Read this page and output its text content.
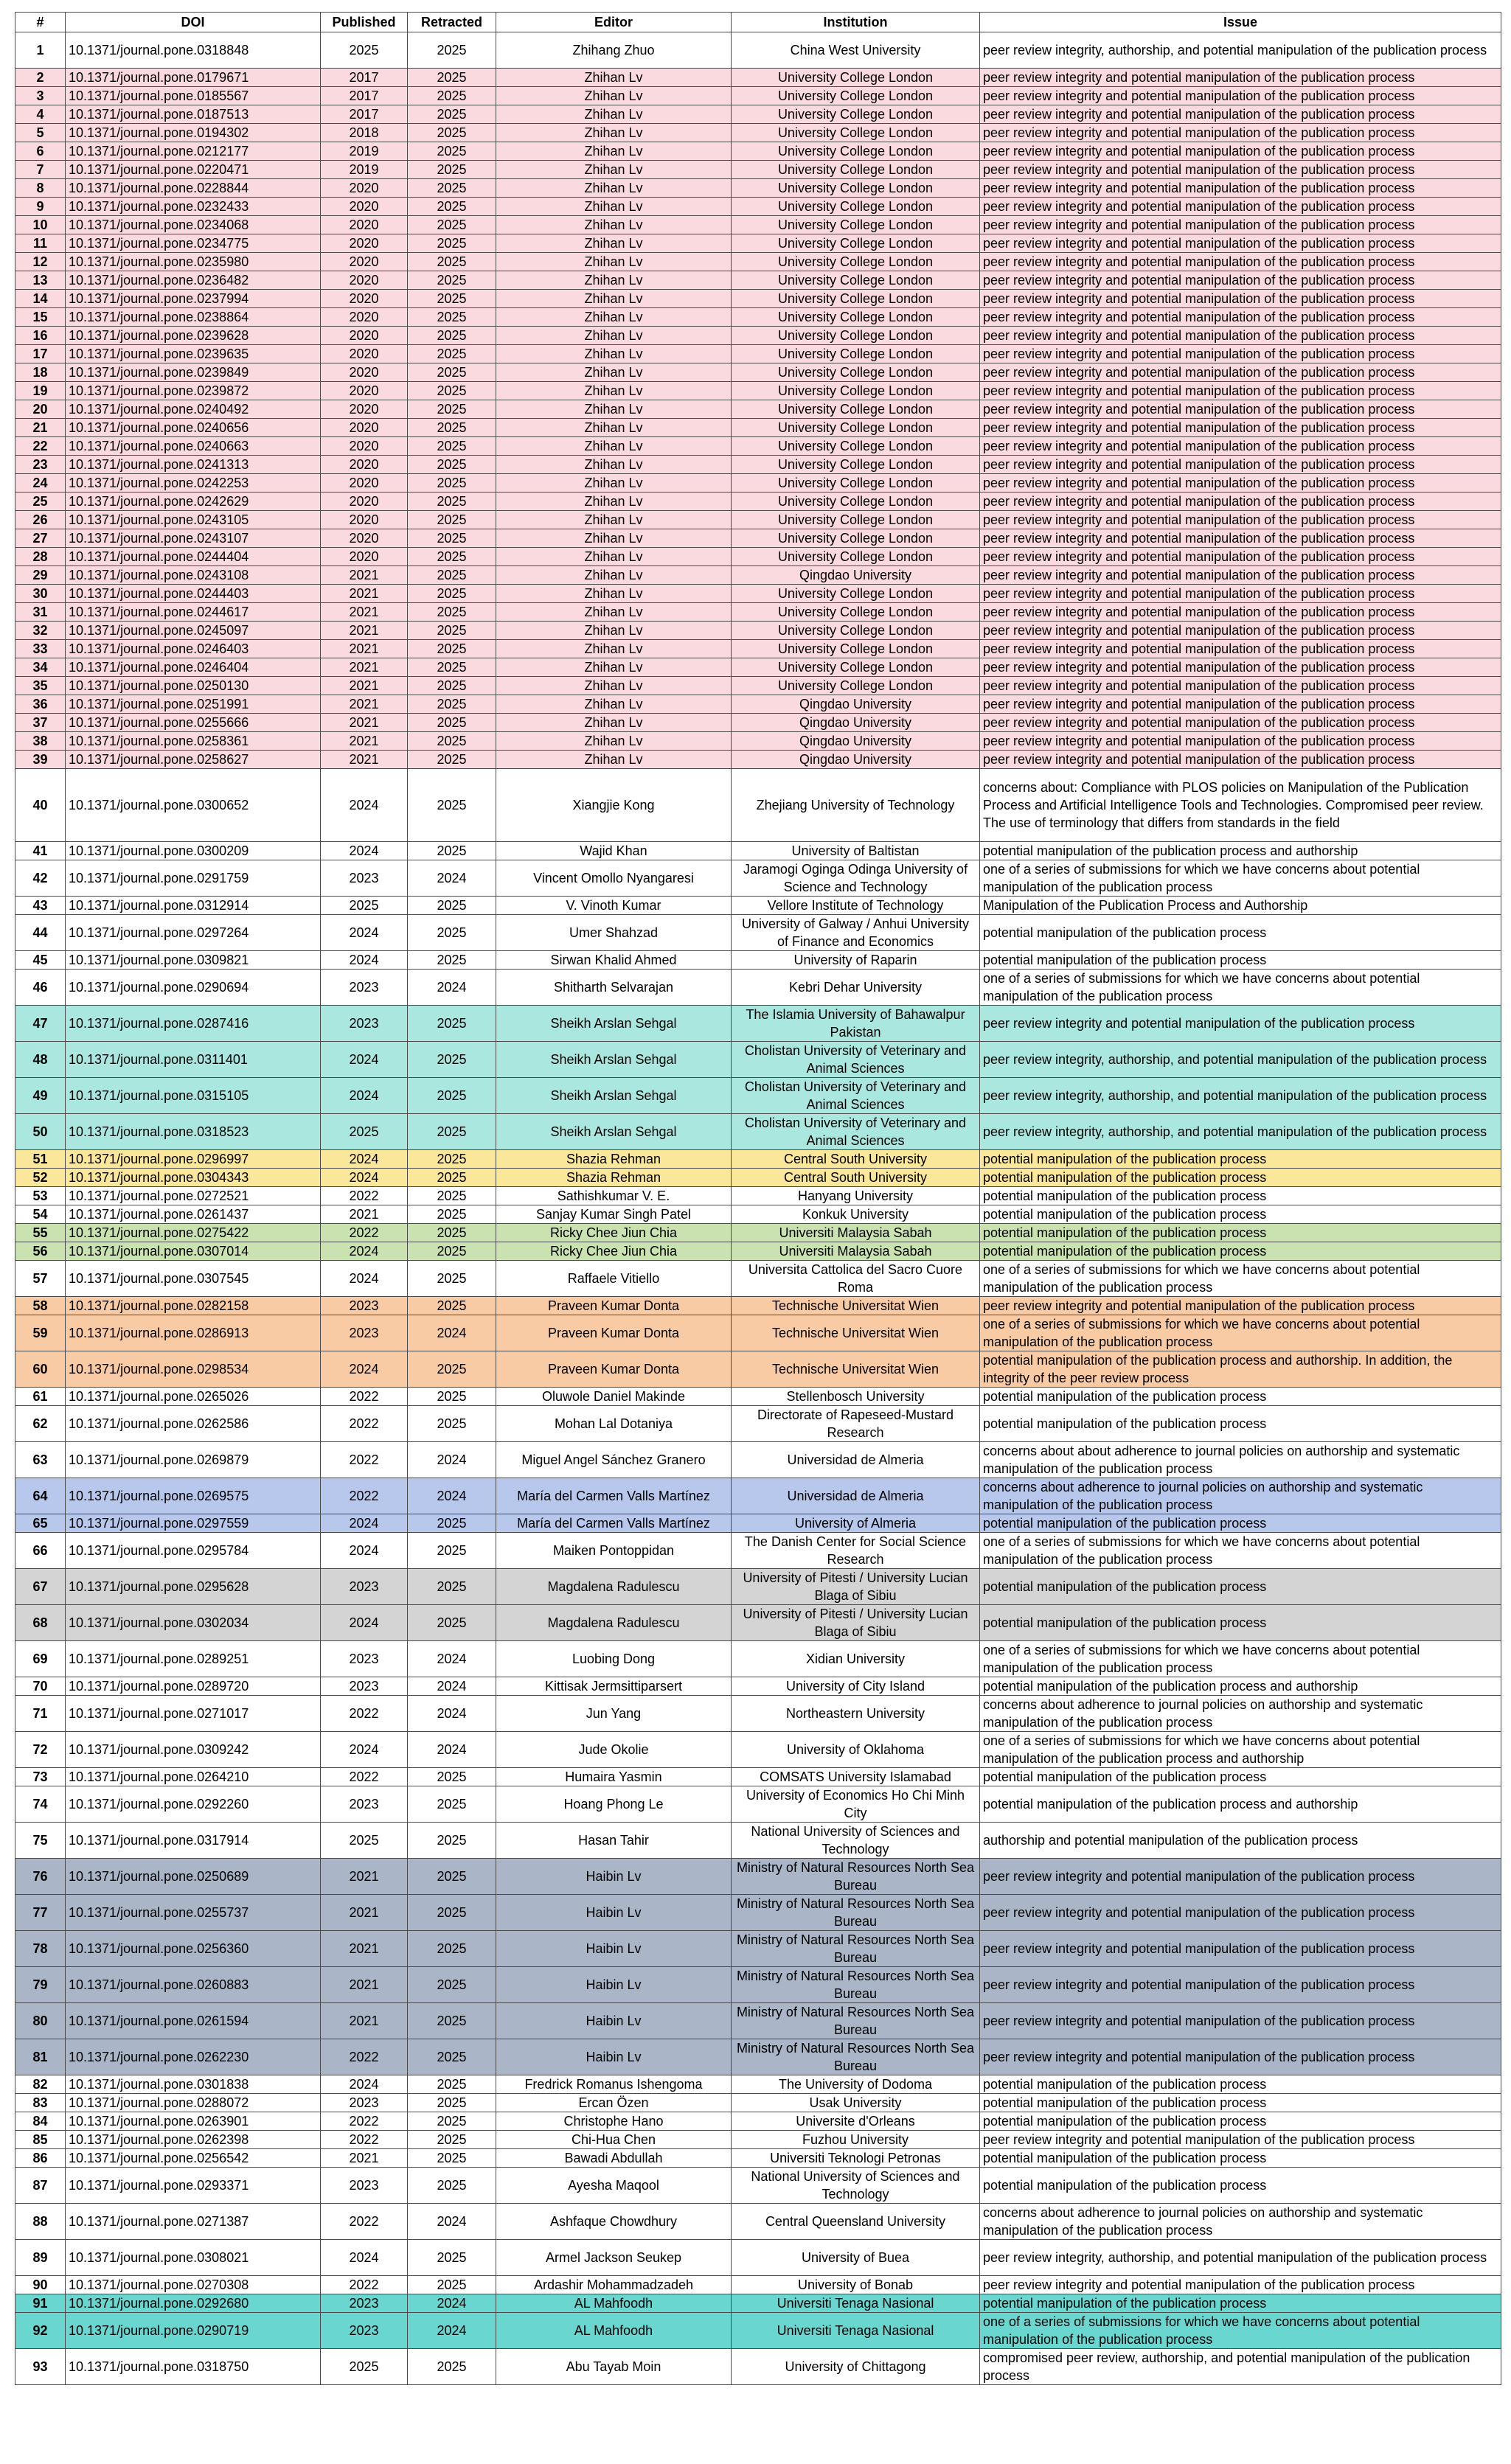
#	DOI	Published	Retracted	Editor	Institution	Issue
1	10.1371/journal.pone.0318848	2025	2025	Zhihang Zhuo	China West University	peer review integrity, authorship, and potential manipulation of the publication process
2	10.1371/journal.pone.0179671	2017	2025	Zhihan Lv	University College London	peer review integrity and potential manipulation of the publication process
3	10.1371/journal.pone.0185567	2017	2025	Zhihan Lv	University College London	peer review integrity and potential manipulation of the publication process
4	10.1371/journal.pone.0187513	2017	2025	Zhihan Lv	University College London	peer review integrity and potential manipulation of the publication process
5	10.1371/journal.pone.0194302	2018	2025	Zhihan Lv	University College London	peer review integrity and potential manipulation of the publication process
6	10.1371/journal.pone.0212177	2019	2025	Zhihan Lv	University College London	peer review integrity and potential manipulation of the publication process
7	10.1371/journal.pone.0220471	2019	2025	Zhihan Lv	University College London	peer review integrity and potential manipulation of the publication process
8	10.1371/journal.pone.0228844	2020	2025	Zhihan Lv	University College London	peer review integrity and potential manipulation of the publication process
9	10.1371/journal.pone.0232433	2020	2025	Zhihan Lv	University College London	peer review integrity and potential manipulation of the publication process
10	10.1371/journal.pone.0234068	2020	2025	Zhihan Lv	University College London	peer review integrity and potential manipulation of the publication process
11	10.1371/journal.pone.0234775	2020	2025	Zhihan Lv	University College London	peer review integrity and potential manipulation of the publication process
12	10.1371/journal.pone.0235980	2020	2025	Zhihan Lv	University College London	peer review integrity and potential manipulation of the publication process
13	10.1371/journal.pone.0236482	2020	2025	Zhihan Lv	University College London	peer review integrity and potential manipulation of the publication process
14	10.1371/journal.pone.0237994	2020	2025	Zhihan Lv	University College London	peer review integrity and potential manipulation of the publication process
15	10.1371/journal.pone.0238864	2020	2025	Zhihan Lv	University College London	peer review integrity and potential manipulation of the publication process
16	10.1371/journal.pone.0239628	2020	2025	Zhihan Lv	University College London	peer review integrity and potential manipulation of the publication process
17	10.1371/journal.pone.0239635	2020	2025	Zhihan Lv	University College London	peer review integrity and potential manipulation of the publication process
18	10.1371/journal.pone.0239849	2020	2025	Zhihan Lv	University College London	peer review integrity and potential manipulation of the publication process
19	10.1371/journal.pone.0239872	2020	2025	Zhihan Lv	University College London	peer review integrity and potential manipulation of the publication process
20	10.1371/journal.pone.0240492	2020	2025	Zhihan Lv	University College London	peer review integrity and potential manipulation of the publication process
21	10.1371/journal.pone.0240656	2020	2025	Zhihan Lv	University College London	peer review integrity and potential manipulation of the publication process
22	10.1371/journal.pone.0240663	2020	2025	Zhihan Lv	University College London	peer review integrity and potential manipulation of the publication process
23	10.1371/journal.pone.0241313	2020	2025	Zhihan Lv	University College London	peer review integrity and potential manipulation of the publication process
24	10.1371/journal.pone.0242253	2020	2025	Zhihan Lv	University College London	peer review integrity and potential manipulation of the publication process
25	10.1371/journal.pone.0242629	2020	2025	Zhihan Lv	University College London	peer review integrity and potential manipulation of the publication process
26	10.1371/journal.pone.0243105	2020	2025	Zhihan Lv	University College London	peer review integrity and potential manipulation of the publication process
27	10.1371/journal.pone.0243107	2020	2025	Zhihan Lv	University College London	peer review integrity and potential manipulation of the publication process
28	10.1371/journal.pone.0244404	2020	2025	Zhihan Lv	University College London	peer review integrity and potential manipulation of the publication process
29	10.1371/journal.pone.0243108	2021	2025	Zhihan Lv	Qingdao University	peer review integrity and potential manipulation of the publication process
30	10.1371/journal.pone.0244403	2021	2025	Zhihan Lv	University College London	peer review integrity and potential manipulation of the publication process
31	10.1371/journal.pone.0244617	2021	2025	Zhihan Lv	University College London	peer review integrity and potential manipulation of the publication process
32	10.1371/journal.pone.0245097	2021	2025	Zhihan Lv	University College London	peer review integrity and potential manipulation of the publication process
33	10.1371/journal.pone.0246403	2021	2025	Zhihan Lv	University College London	peer review integrity and potential manipulation of the publication process
34	10.1371/journal.pone.0246404	2021	2025	Zhihan Lv	University College London	peer review integrity and potential manipulation of the publication process
35	10.1371/journal.pone.0250130	2021	2025	Zhihan Lv	University College London	peer review integrity and potential manipulation of the publication process
36	10.1371/journal.pone.0251991	2021	2025	Zhihan Lv	Qingdao University	peer review integrity and potential manipulation of the publication process
37	10.1371/journal.pone.0255666	2021	2025	Zhihan Lv	Qingdao University	peer review integrity and potential manipulation of the publication process
38	10.1371/journal.pone.0258361	2021	2025	Zhihan Lv	Qingdao University	peer review integrity and potential manipulation of the publication process
39	10.1371/journal.pone.0258627	2021	2025	Zhihan Lv	Qingdao University	peer review integrity and potential manipulation of the publication process
40	10.1371/journal.pone.0300652	2024	2025	Xiangjie Kong	Zhejiang University of Technology	concerns about: Compliance with PLOS policies on Manipulation of the Publication Process and Artificial Intelligence Tools and Technologies. Compromised peer review. The use of terminology that differs from standards in the field
41	10.1371/journal.pone.0300209	2024	2025	Wajid Khan	University of Baltistan	potential manipulation of the publication process and authorship
42	10.1371/journal.pone.0291759	2023	2024	Vincent Omollo Nyangaresi	Jaramogi Oginga Odinga University of Science and Technology	one of a series of submissions for which we have concerns about potential manipulation of the publication process
43	10.1371/journal.pone.0312914	2025	2025	V. Vinoth Kumar	Vellore Institute of Technology	Manipulation of the Publication Process and Authorship
44	10.1371/journal.pone.0297264	2024	2025	Umer Shahzad	University of Galway / Anhui University of Finance and Economics	potential manipulation of the publication process
45	10.1371/journal.pone.0309821	2024	2025	Sirwan Khalid Ahmed	University of Raparin	potential manipulation of the publication process
46	10.1371/journal.pone.0290694	2023	2024	Shitharth Selvarajan	Kebri Dehar University	one of a series of submissions for which we have concerns about potential manipulation of the publication process
47	10.1371/journal.pone.0287416	2023	2025	Sheikh Arslan Sehgal	The Islamia University of Bahawalpur Pakistan	peer review integrity and potential manipulation of the publication process
48	10.1371/journal.pone.0311401	2024	2025	Sheikh Arslan Sehgal	Cholistan University of Veterinary and Animal Sciences	peer review integrity, authorship, and potential manipulation of the publication process
49	10.1371/journal.pone.0315105	2024	2025	Sheikh Arslan Sehgal	Cholistan University of Veterinary and Animal Sciences	peer review integrity, authorship, and potential manipulation of the publication process
50	10.1371/journal.pone.0318523	2025	2025	Sheikh Arslan Sehgal	Cholistan University of Veterinary and Animal Sciences	peer review integrity, authorship, and potential manipulation of the publication process
51	10.1371/journal.pone.0296997	2024	2025	Shazia Rehman	Central South University	potential manipulation of the publication process
52	10.1371/journal.pone.0304343	2024	2025	Shazia Rehman	Central South University	potential manipulation of the publication process
53	10.1371/journal.pone.0272521	2022	2025	Sathishkumar V. E.	Hanyang University	potential manipulation of the publication process
54	10.1371/journal.pone.0261437	2021	2025	Sanjay Kumar Singh Patel	Konkuk University	potential manipulation of the publication process
55	10.1371/journal.pone.0275422	2022	2025	Ricky Chee Jiun Chia	Universiti Malaysia Sabah	potential manipulation of the publication process
56	10.1371/journal.pone.0307014	2024	2025	Ricky Chee Jiun Chia	Universiti Malaysia Sabah	potential manipulation of the publication process
57	10.1371/journal.pone.0307545	2024	2025	Raffaele Vitiello	Universita Cattolica del Sacro Cuore Roma	one of a series of submissions for which we have concerns about potential manipulation of the publication process
58	10.1371/journal.pone.0282158	2023	2025	Praveen Kumar Donta	Technische Universitat Wien	peer review integrity and potential manipulation of the publication process
59	10.1371/journal.pone.0286913	2023	2024	Praveen Kumar Donta	Technische Universitat Wien	one of a series of submissions for which we have concerns about potential manipulation of the publication process
60	10.1371/journal.pone.0298534	2024	2025	Praveen Kumar Donta	Technische Universitat Wien	potential manipulation of the publication process and authorship. In addition, the integrity of the peer review process
61	10.1371/journal.pone.0265026	2022	2025	Oluwole Daniel Makinde	Stellenbosch University	potential manipulation of the publication process
62	10.1371/journal.pone.0262586	2022	2025	Mohan Lal Dotaniya	Directorate of Rapeseed-Mustard Research	potential manipulation of the publication process
63	10.1371/journal.pone.0269879	2022	2024	Miguel Angel Sánchez Granero	Universidad de Almeria	concerns about about adherence to journal policies on authorship and systematic manipulation of the publication process
64	10.1371/journal.pone.0269575	2022	2024	María del Carmen Valls Martínez	Universidad de Almeria	concerns about adherence to journal policies on authorship and systematic manipulation of the publication process
65	10.1371/journal.pone.0297559	2024	2025	María del Carmen Valls Martínez	University of Almeria	potential manipulation of the publication process
66	10.1371/journal.pone.0295784	2024	2025	Maiken Pontoppidan	The Danish Center for Social Science Research	one of a series of submissions for which we have concerns about potential manipulation of the publication process
67	10.1371/journal.pone.0295628	2023	2025	Magdalena Radulescu	University of Pitesti / University Lucian Blaga of Sibiu	potential manipulation of the publication process
68	10.1371/journal.pone.0302034	2024	2025	Magdalena Radulescu	University of Pitesti / University Lucian Blaga of Sibiu	potential manipulation of the publication process
69	10.1371/journal.pone.0289251	2023	2024	Luobing Dong	Xidian University	one of a series of submissions for which we have concerns about potential manipulation of the publication process
70	10.1371/journal.pone.0289720	2023	2024	Kittisak Jermsittiparsert	University of City Island	potential manipulation of the publication process and authorship
71	10.1371/journal.pone.0271017	2022	2024	Jun Yang	Northeastern University	concerns about adherence to journal policies on authorship and systematic manipulation of the publication process
72	10.1371/journal.pone.0309242	2024	2024	Jude Okolie	University of Oklahoma	one of a series of submissions for which we have concerns about potential manipulation of the publication process and authorship
73	10.1371/journal.pone.0264210	2022	2025	Humaira Yasmin	COMSATS University Islamabad	potential manipulation of the publication process
74	10.1371/journal.pone.0292260	2023	2025	Hoang Phong Le	University of Economics Ho Chi Minh City	potential manipulation of the publication process and authorship
75	10.1371/journal.pone.0317914	2025	2025	Hasan Tahir	National University of Sciences and Technology	authorship and potential manipulation of the publication process
76	10.1371/journal.pone.0250689	2021	2025	Haibin Lv	Ministry of Natural Resources North Sea Bureau	peer review integrity and potential manipulation of the publication process
77	10.1371/journal.pone.0255737	2021	2025	Haibin Lv	Ministry of Natural Resources North Sea Bureau	peer review integrity and potential manipulation of the publication process
78	10.1371/journal.pone.0256360	2021	2025	Haibin Lv	Ministry of Natural Resources North Sea Bureau	peer review integrity and potential manipulation of the publication process
79	10.1371/journal.pone.0260883	2021	2025	Haibin Lv	Ministry of Natural Resources North Sea Bureau	peer review integrity and potential manipulation of the publication process
80	10.1371/journal.pone.0261594	2021	2025	Haibin Lv	Ministry of Natural Resources North Sea Bureau	peer review integrity and potential manipulation of the publication process
81	10.1371/journal.pone.0262230	2022	2025	Haibin Lv	Ministry of Natural Resources North Sea Bureau	peer review integrity and potential manipulation of the publication process
82	10.1371/journal.pone.0301838	2024	2025	Fredrick Romanus Ishengoma	The University of Dodoma	potential manipulation of the publication process
83	10.1371/journal.pone.0288072	2023	2025	Ercan Özen	Usak University	potential manipulation of the publication process
84	10.1371/journal.pone.0263901	2022	2025	Christophe Hano	Universite d'Orleans	potential manipulation of the publication process
85	10.1371/journal.pone.0262398	2022	2025	Chi-Hua Chen	Fuzhou University	peer review integrity and potential manipulation of the publication process
86	10.1371/journal.pone.0256542	2021	2025	Bawadi Abdullah	Universiti Teknologi Petronas	potential manipulation of the publication process
87	10.1371/journal.pone.0293371	2023	2025	Ayesha Maqool	National University of Sciences and Technology	potential manipulation of the publication process
88	10.1371/journal.pone.0271387	2022	2024	Ashfaque Chowdhury	Central Queensland University	concerns about adherence to journal policies on authorship and systematic manipulation of the publication process
89	10.1371/journal.pone.0308021	2024	2025	Armel Jackson Seukep	University of Buea	peer review integrity, authorship, and potential manipulation of the publication process
90	10.1371/journal.pone.0270308	2022	2025	Ardashir Mohammadzadeh	University of Bonab	peer review integrity and potential manipulation of the publication process
91	10.1371/journal.pone.0292680	2023	2024	AL Mahfoodh	Universiti Tenaga Nasional	potential manipulation of the publication process
92	10.1371/journal.pone.0290719	2023	2024	AL Mahfoodh	Universiti Tenaga Nasional	one of a series of submissions for which we have concerns about potential manipulation of the publication process
93	10.1371/journal.pone.0318750	2025	2025	Abu Tayab Moin	University of Chittagong	compromised peer review, authorship, and potential manipulation of the publication process
